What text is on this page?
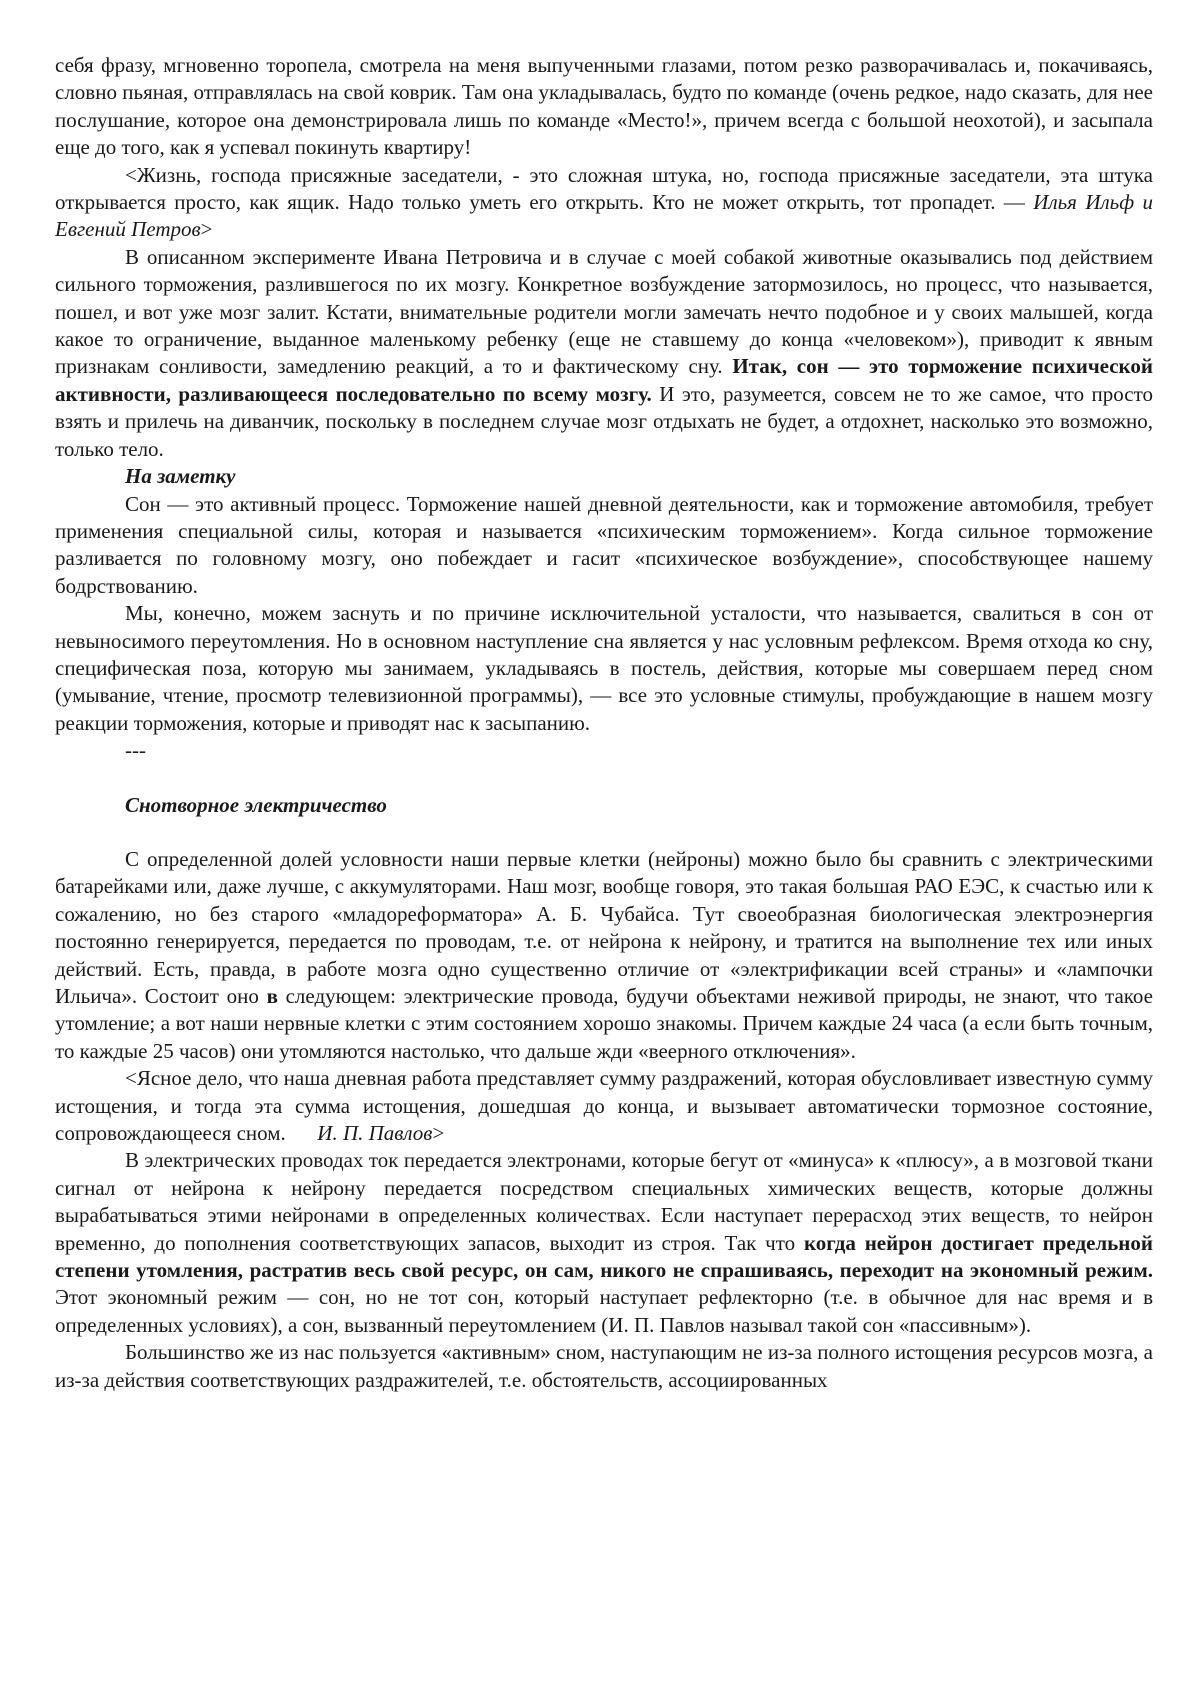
себя фразу, мгновенно торопела, смотрела на меня выпученными глазами, потом резко разворачивалась и, покачиваясь, словно пьяная, отправлялась на свой коврик. Там она укладывалась, будто по команде (очень редкое, надо сказать, для нее послушание, которое она демонстрировала лишь по команде «Место!», причем всегда с большой неохотой), и засыпала еще до того, как я успевал покинуть квартиру!

<Жизнь, господа присяжные заседатели, - это сложная штука, но, господа присяжные заседатели, эта штука открывается просто, как ящик. Надо только уметь его открыть. Кто не может открыть, тот пропадет. — Илья Ильф и Евгений Петров>

В описанном эксперименте Ивана Петровича и в случае с моей собакой животные оказывались под действием сильного торможения, разлившегося по их мозгу. Конкретное возбуждение затормозилось, но процесс, что называется, пошел, и вот уже мозг залит. Кстати, внимательные родители могли замечать нечто подобное и у своих малышей, когда какое то ограничение, выданное маленькому ребенку (еще не ставшему до конца «человеком»), приводит к явным признакам сонливости, замедлению реакций, а то и фактическому сну. Итак, сон — это торможение психической активности, разливающееся последовательно по всему мозгу. И это, разумеется, совсем не то же самое, что просто взять и прилечь на диванчик, поскольку в последнем случае мозг отдыхать не будет, а отдохнет, насколько это возможно, только тело.

На заметку

Сон — это активный процесс. Торможение нашей дневной деятельности, как и торможение автомобиля, требует применения специальной силы, которая и называется «психическим торможением». Когда сильное торможение разливается по головному мозгу, оно побеждает и гасит «психическое возбуждение», способствующее нашему бодрствованию.

Мы, конечно, можем заснуть и по причине исключительной усталости, что называется, свалиться в сон от невыносимого переутомления. Но в основном наступление сна является у нас условным рефлексом. Время отхода ко сну, специфическая поза, которую мы занимаем, укладываясь в постель, действия, которые мы совершаем перед сном (умывание, чтение, просмотр телевизионной программы), — все это условные стимулы, пробуждающие в нашем мозгу реакции торможения, которые и приводят нас к засыпанию.

---

Снотворное электричество

С определенной долей условности наши первые клетки (нейроны) можно было бы сравнить с электрическими батарейками или, даже лучше, с аккумуляторами. Наш мозг, вообще говоря, это такая большая РАО ЕЭС, к счастью или к сожалению, но без старого «младореформатора» А. Б. Чубайса. Тут своеобразная биологическая электроэнергия постоянно генерируется, передается по проводам, т.е. от нейрона к нейрону, и тратится на выполнение тех или иных действий. Есть, правда, в работе мозга одно существенно отличие от «электрификации всей страны» и «лампочки Ильича». Состоит оно в следующем: электрические провода, будучи объектами неживой природы, не знают, что такое утомление; а вот наши нервные клетки с этим состоянием хорошо знакомы. Причем каждые 24 часа (а если быть точным, то каждые 25 часов) они утомляются настолько, что дальше жди «веерного отключения».

<Ясное дело, что наша дневная работа представляет сумму раздражений, которая обусловливает известную сумму истощения, и тогда эта сумма истощения, дошедшая до конца, и вызывает автоматически тормозное состояние, сопровождающееся сном.      И. П. Павлов>

В электрических проводах ток передается электронами, которые бегут от «минуса» к «плюсу», а в мозговой ткани сигнал от нейрона к нейрону передается посредством специальных химических веществ, которые должны вырабатываться этими нейронами в определенных количествах. Если наступает перерасход этих веществ, то нейрон временно, до пополнения соответствующих запасов, выходит из строя. Так что когда нейрон достигает предельной степени утомления, растратив весь свой ресурс, он сам, никого не спрашиваясь, переходит на экономный режим. Этот экономный режим — сон, но не тот сон, который наступает рефлекторно (т.е. в обычное для нас время и в определенных условиях), а сон, вызванный переутомлением (И. П. Павлов называл такой сон «пассивным»).

Большинство же из нас пользуется «активным» сном, наступающим не из-за полного истощения ресурсов мозга, а из-за действия соответствующих раздражителей, т.е. обстоятельств, ассоциированных
